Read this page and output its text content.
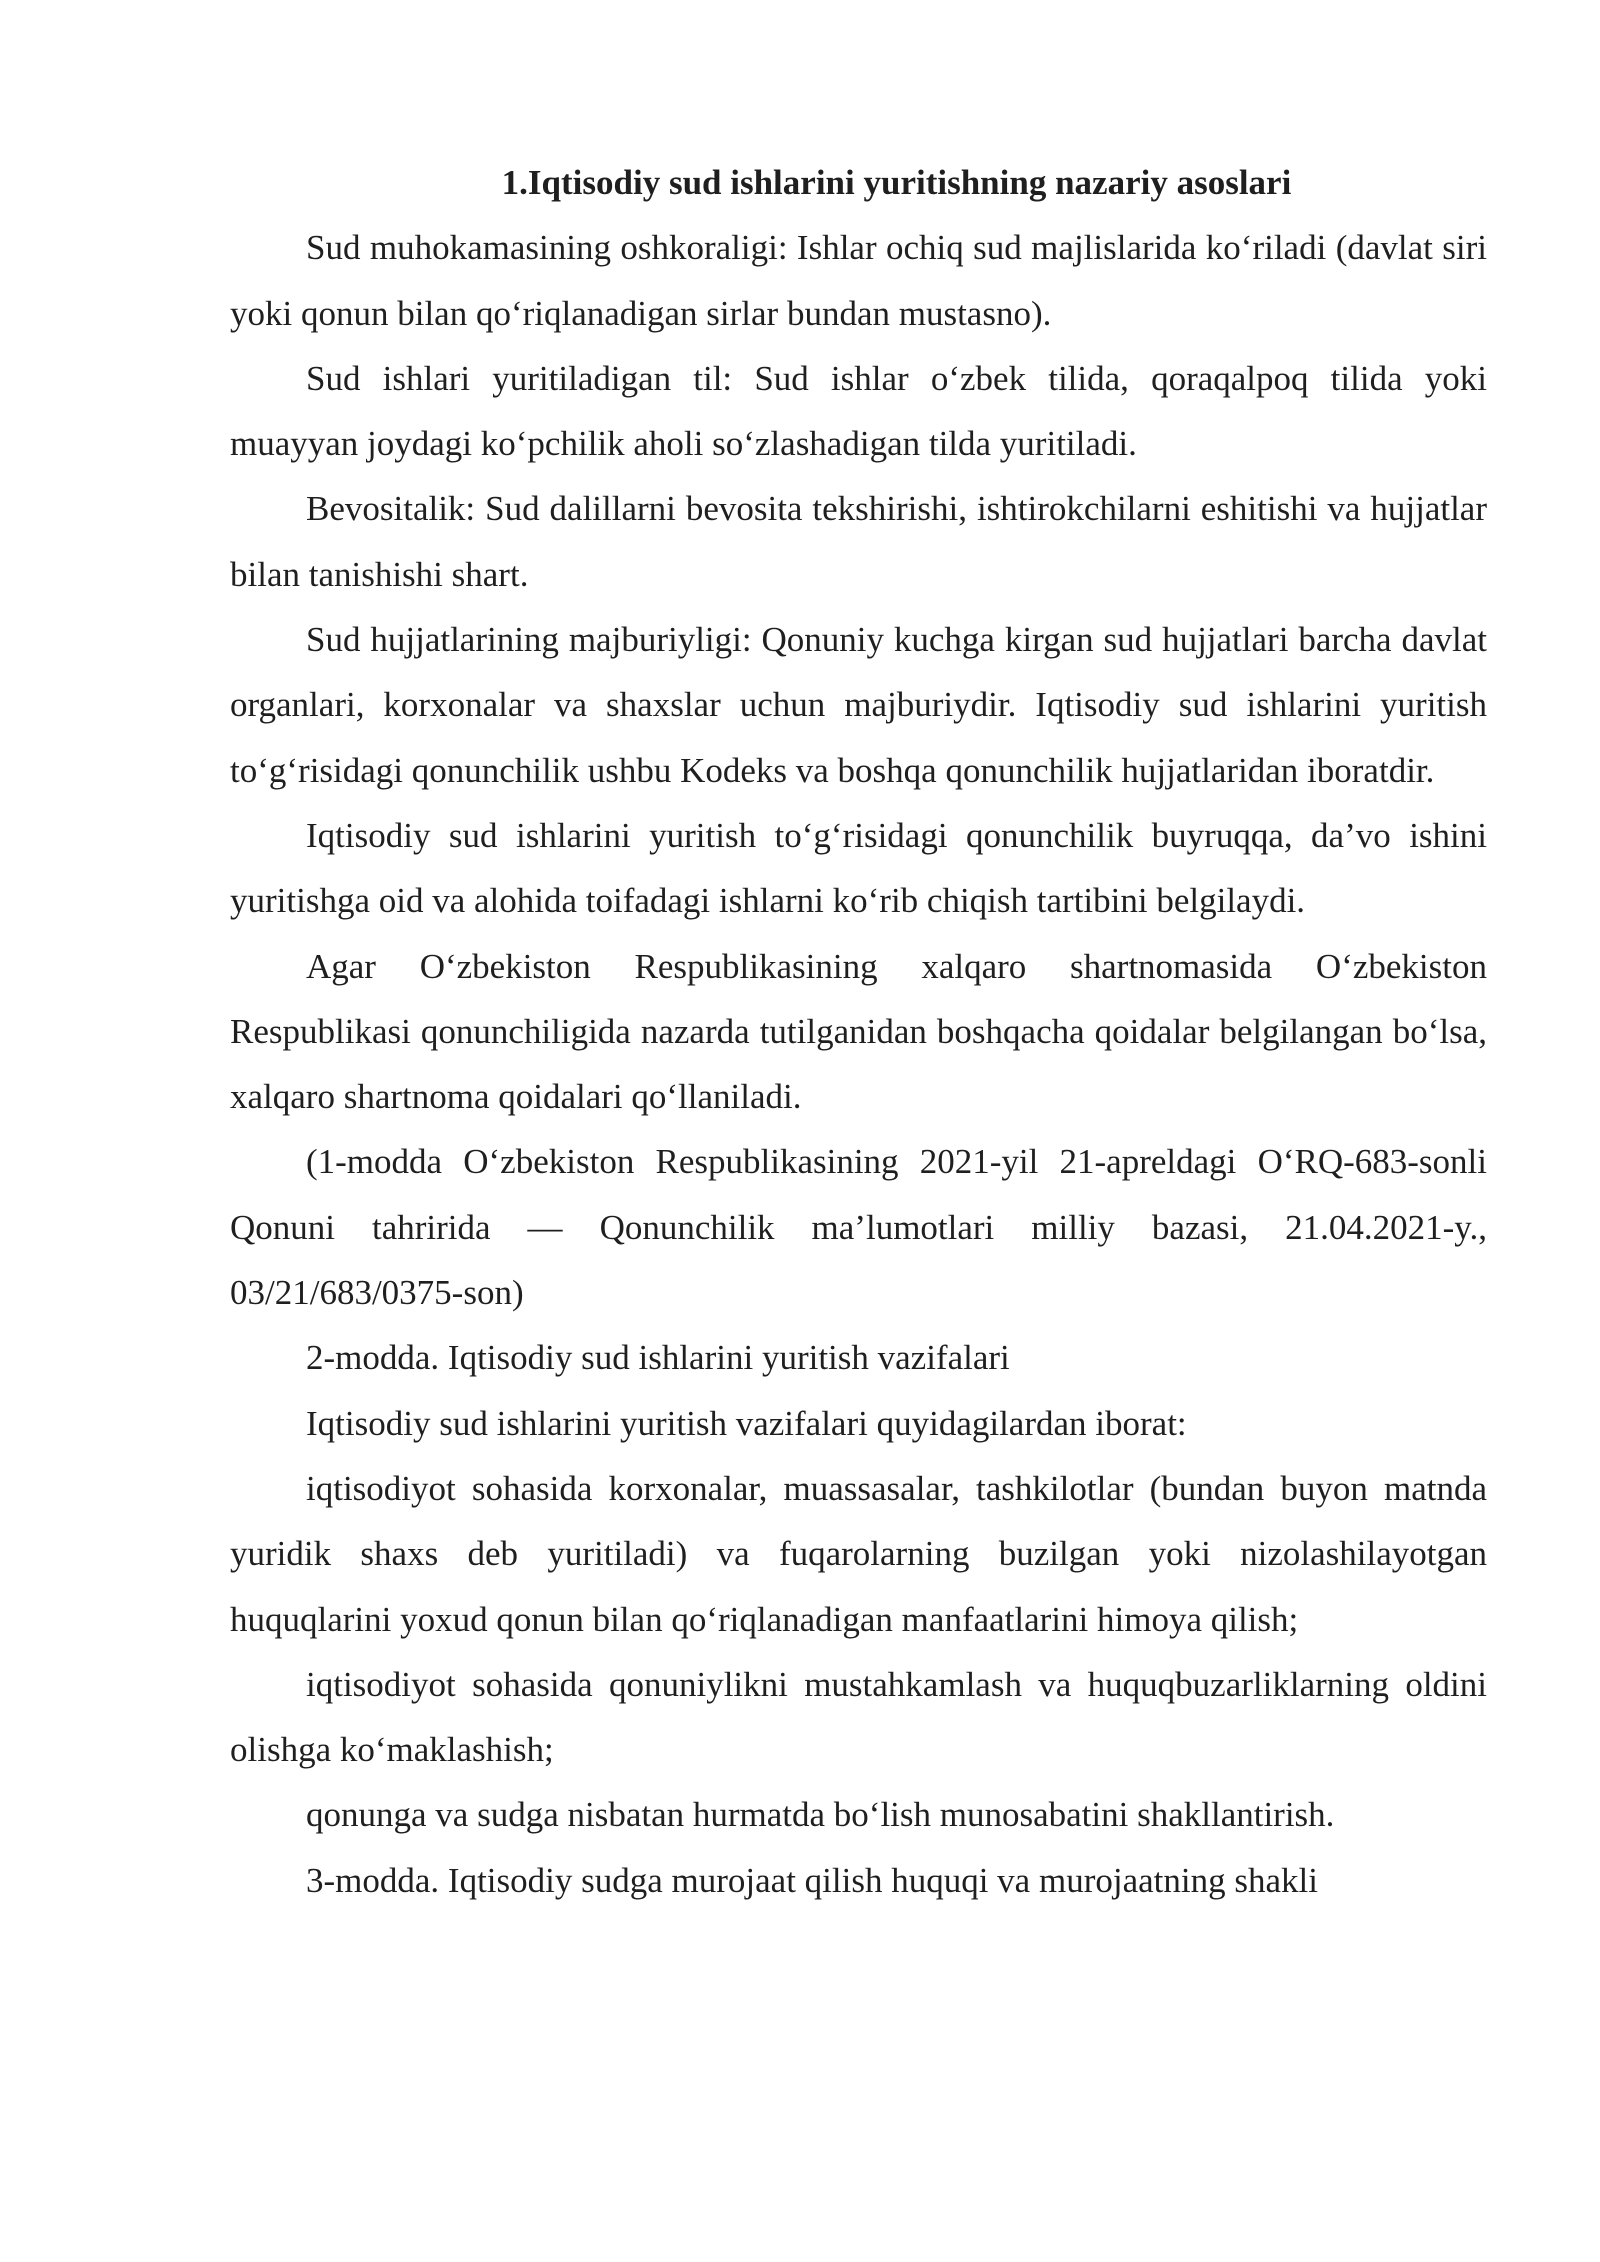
1.Iqtisodiy sud ishlarini yuritishning nazariy asoslari

Sud muhokamasining oshkoraligi: Ishlar ochiq sud majlislarida koʻriladi (davlat siri yoki qonun bilan qoʻriqlanadigan sirlar bundan mustasno).

Sud ishlari yuritiladigan til: Sud ishlar oʻzbek tilida, qoraqalpoq tilida yoki muayyan joydagi koʻpchilik aholi soʻzlashadigan tilda yuritiladi.

Bevositalik: Sud dalillarni bevosita tekshirishi, ishtirokchilarni eshitishi va hujjatlar bilan tanishishi shart.

Sud hujjatlarining majburiyligi: Qonuniy kuchga kirgan sud hujjatlari barcha davlat organlari, korxonalar va shaxslar uchun majburiydir. Iqtisodiy sud ishlarini yuritish toʻgʻrisidagi qonunchilik ushbu Kodeks va boshqa qonunchilik hujjatlaridan iboratdir.

Iqtisodiy sud ishlarini yuritish toʻgʻrisidagi qonunchilik buyruqqa, da’vo ishini yuritishga oid va alohida toifadagi ishlarni koʻrib chiqish tartibini belgilaydi.

Agar Oʻzbekiston Respublikasining xalqaro shartnomasida Oʻzbekiston Respublikasi qonunchiligida nazarda tutilganidan boshqacha qoidalar belgilangan boʻlsa, xalqaro shartnoma qoidalari qoʻllaniladi.

(1-modda Oʻzbekiston Respublikasining 2021-yil 21-apreldagi OʻRQ-683-sonli Qonuni tahririda — Qonunchilik ma’lumotlari milliy bazasi, 21.04.2021-y., 03/21/683/0375-son)

2-modda. Iqtisodiy sud ishlarini yuritish vazifalari

Iqtisodiy sud ishlarini yuritish vazifalari quyidagilardan iborat:

iqtisodiyot sohasida korxonalar, muassasalar, tashkilotlar (bundan buyon matnda yuridik shaxs deb yuritiladi) va fuqarolarning buzilgan yoki nizolashilayotgan huquqlarini yoxud qonun bilan qoʻriqlanadigan manfaatlarini himoya qilish;

iqtisodiyot sohasida qonuniylikni mustahkamlash va huquqbuzarliklarning oldini olishga koʻmaklashish;

qonunga va sudga nisbatan hurmatda boʻlish munosabatini shakllantirish.

3-modda. Iqtisodiy sudga murojaat qilish huquqi va murojaatning shakli
